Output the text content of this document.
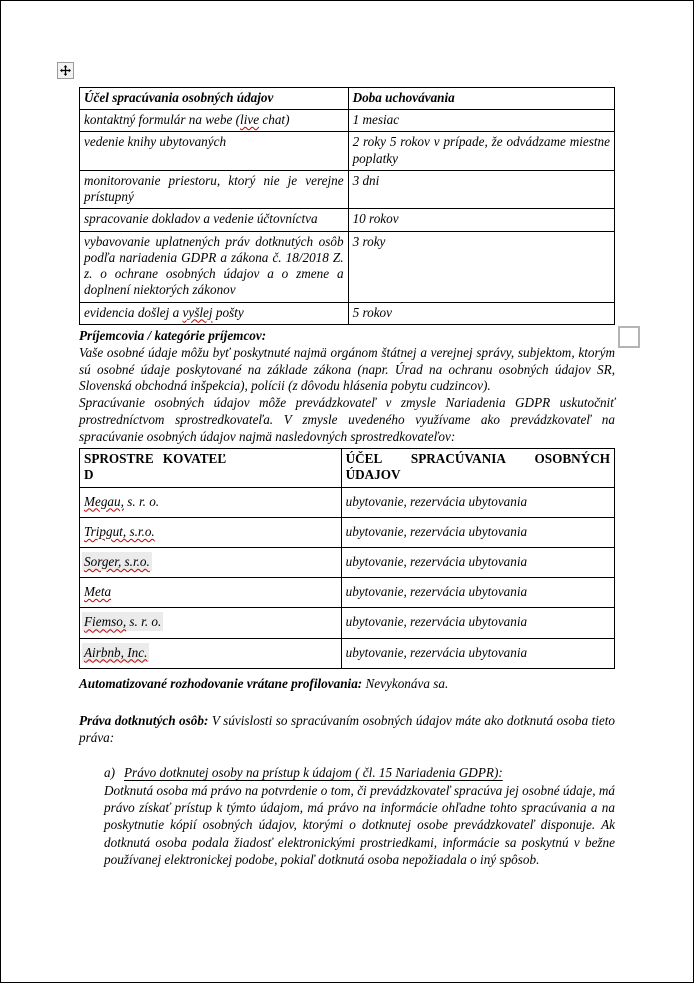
Účel spracúvania osobných údajov	Doba uchovávania
kontaktný formulár na webe (live chat)	1 mesiac
vedenie knihy ubytovaných	2 roky 5 rokov v prípade, že odvádzame miestne poplatky
monitorovanie priestoru, ktorý nie je verejne prístupný	3 dni
spracovanie dokladov a vedenie účtovníctva	10 rokov
vybavovanie uplatnených práv dotknutých osôb podľa nariadenia GDPR a zákona č. 18/2018 Z. z. o ochrane osobných údajov a o zmene a doplnení niektorých zákonov	3 roky
evidencia došlej a vyšlej pošty	5 rokov

Príjemcovia / kategórie príjemcov:

Vaše osobné údaje môžu byť poskytnuté najmä orgánom štátnej a verejnej správy, subjektom, ktorým sú osobné údaje poskytované na základe zákona (napr. Úrad na ochranu osobných údajov SR, Slovenská obchodná inšpekcia), polícii (z dôvodu hlásenia pobytu cudzincov).

Spracúvanie osobných údajov môže prevádzkovateľ v zmysle Nariadenia GDPR uskutočniť prostredníctvom sprostredkovateľa. V zmysle uvedeného využívame ako prevádzkovateľ na spracúvanie osobných údajov najmä nasledovných sprostredkovateľov:

SPROSTRE KOVATEĽ
D	ÚČEL SPRACÚVANIA OSOBNÝCH ÚDAJOV
Megau, s. r. o.	ubytovanie, rezervácia ubytovania
Tripgut, s.r.o.	ubytovanie, rezervácia ubytovania
Sorger, s.r.o.	ubytovanie, rezervácia ubytovania
Meta	ubytovanie, rezervácia ubytovania
Fiemso, s. r. o.	ubytovanie, rezervácia ubytovania
Airbnb, Inc.	ubytovanie, rezervácia ubytovania

Automatizované rozhodovanie vrátane profilovania: Nevykonáva sa.

Práva dotknutých osôb: V súvislosti so spracúvaním osobných údajov máte ako dotknutá osoba tieto práva:

a) Právo dotknutej osoby na prístup k údajom ( čl. 15 Nariadenia GDPR):
Dotknutá osoba má právo na potvrdenie o tom, či prevádzkovateľ spracúva jej osobné údaje, má právo získať prístup k týmto údajom, má právo na informácie ohľadne tohto spracúvania a na poskytnutie kópií osobných údajov, ktorými o dotknutej osobe prevádzkovateľ disponuje. Ak dotknutá osoba podala žiadosť elektronickými prostriedkami, informácie sa poskytnú v bežne používanej elektronickej podobe, pokiaľ dotknutá osoba nepožiadala o iný spôsob.
